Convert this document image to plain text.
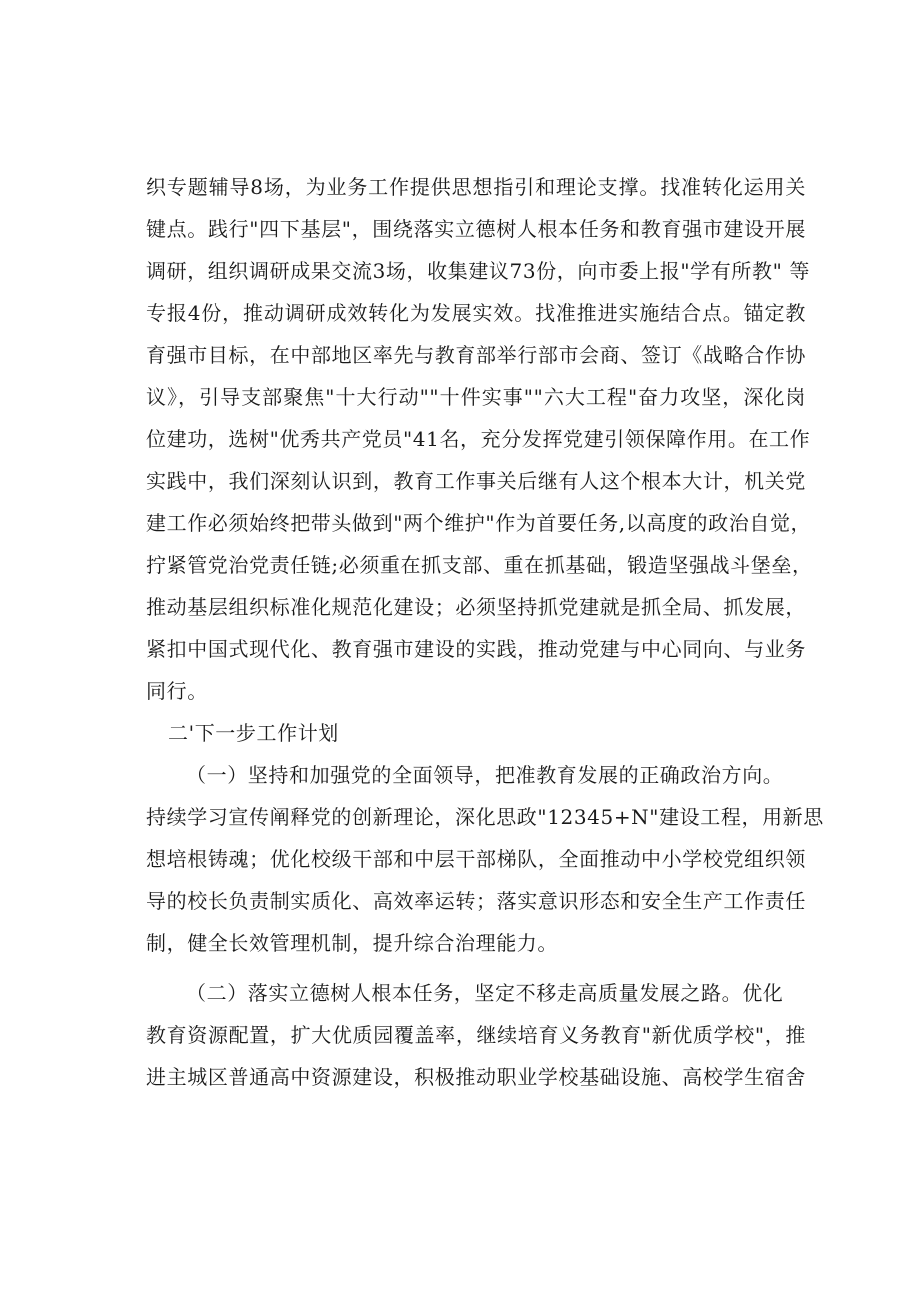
织专题辅导8场，为业务工作提供思想指引和理论支撑。找准转化运用关
键点。践行"四下基层"，围绕落实立德树人根本任务和教育强市建设开展
调研，组织调研成果交流3场，收集建议73份，向市委上报"学有所教" 等
专报4份，推动调研成效转化为发展实效。找准推进实施结合点。锚定教
育强市目标，在中部地区率先与教育部举行部市会商、签订《战略合作协
议》，引导支部聚焦"十大行动""十件实事""六大工程"奋力攻坚，深化岗
位建功，选树"优秀共产党员"41名，充分发挥党建引领保障作用。在工作
实践中，我们深刻认识到，教育工作事关后继有人这个根本大计，机关党
建工作必须始终把带头做到"两个维护"作为首要任务,以高度的政治自觉，
拧紧管党治党责任链;必须重在抓支部、重在抓基础，锻造坚强战斗堡垒，
推动基层组织标准化规范化建设；必须坚持抓党建就是抓全局、抓发展，
紧扣中国式现代化、教育强市建设的实践，推动党建与中心同向、与业务
同行。
二'下一步工作计划
（一）坚持和加强党的全面领导，把准教育发展的正确政治方向。
持续学习宣传阐释党的创新理论，深化思政"12345+N"建设工程，用新思
想培根铸魂；优化校级干部和中层干部梯队，全面推动中小学校党组织领
导的校长负责制实质化、高效率运转；落实意识形态和安全生产工作责任
制，健全长效管理机制，提升综合治理能力。
（二）落实立德树人根本任务，坚定不移走高质量发展之路。优化
教育资源配置，扩大优质园覆盖率，继续培育义务教育"新优质学校"，推
进主城区普通高中资源建设，积极推动职业学校基础设施、高校学生宿舍
